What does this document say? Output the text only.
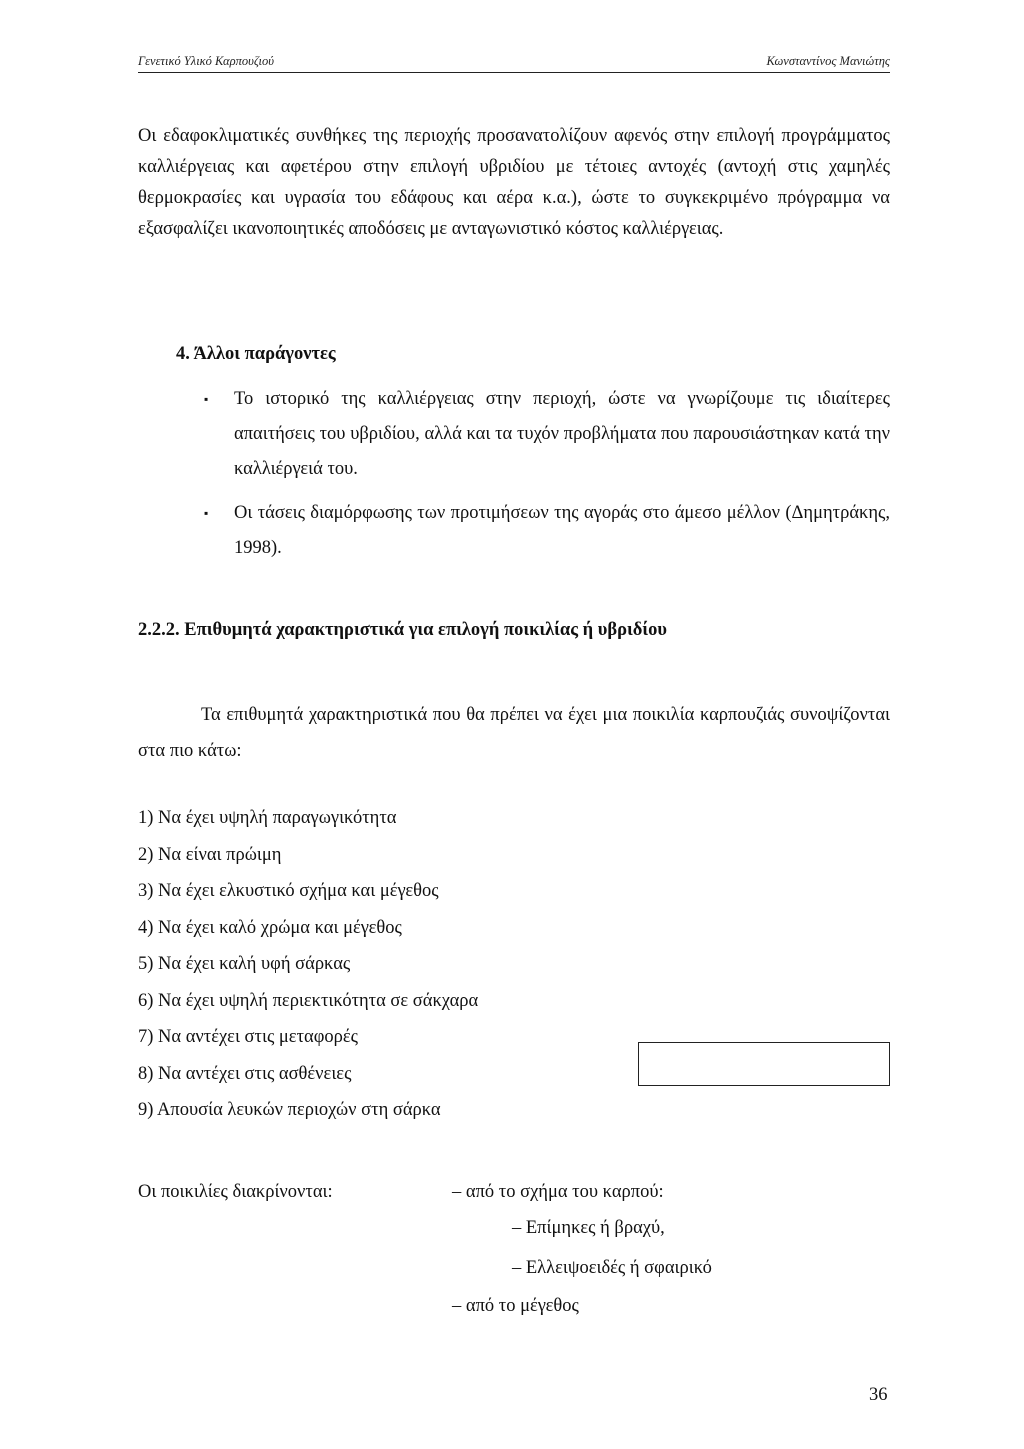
Γενετικό Υλικό Καρπουζιού	Κωνσταντίνος Μανιώτης

Οι εδαφοκλιματικές συνθήκες της περιοχής προσανατολίζουν αφενός στην επιλογή προγράμματος καλλιέργειας και αφετέρου στην επιλογή υβριδίου με τέτοιες αντοχές (αντοχή στις χαμηλές θερμοκρασίες και υγρασία του εδάφους και αέρα κ.α.), ώστε το συγκεκριμένο πρόγραμμα να εξασφαλίζει ικανοποιητικές αποδόσεις με ανταγωνιστικό κόστος καλλιέργειας.

4. Άλλοι παράγοντες
▪ Το ιστορικό της καλλιέργειας στην περιοχή, ώστε να γνωρίζουμε τις ιδιαίτερες απαιτήσεις του υβριδίου, αλλά και τα τυχόν προβλήματα που παρουσιάστηκαν κατά την καλλιέργειά του.
▪ Οι τάσεις διαμόρφωσης των προτιμήσεων της αγοράς στο άμεσο μέλλον (Δημητράκης, 1998).
2.2.2. Επιθυμητά χαρακτηριστικά για επιλογή ποικιλίας ή υβριδίου

Τα επιθυμητά χαρακτηριστικά που θα πρέπει να έχει μια ποικιλία καρπουζιάς συνοψίζονται στα πιο κάτω:

1) Να έχει υψηλή παραγωγικότητα
2) Να είναι πρώιμη
3) Να έχει ελκυστικό σχήμα και μέγεθος
4) Να έχει καλό χρώμα και μέγεθος
5) Να έχει καλή υφή σάρκας
6) Να έχει υψηλή περιεκτικότητα σε σάκχαρα
7) Να αντέχει στις μεταφορές
8) Να αντέχει στις ασθένειες
9) Απουσία λευκών περιοχών στη σάρκα
Οι ποικιλίες διακρίνονται:	– από το σχήμα του καρπού:
– Επίμηκες ή βραχύ,
– Ελλειψοειδές ή σφαιρικό
– από το μέγεθος
36
